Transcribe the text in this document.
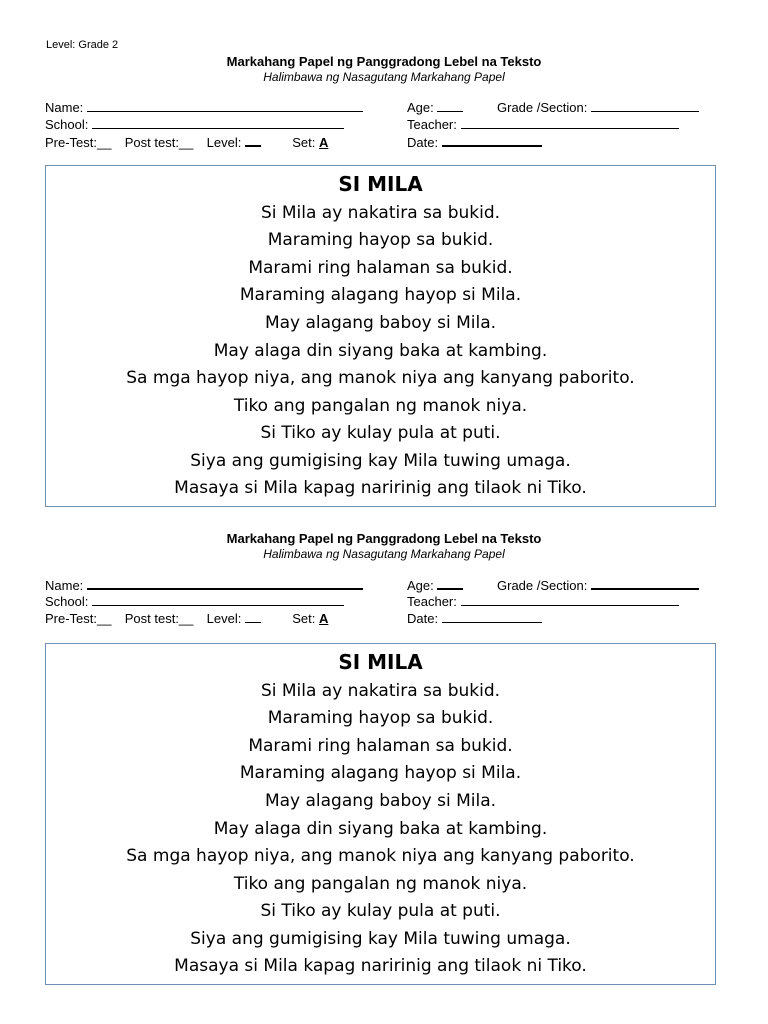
Level: Grade 2
Markahang Papel ng Panggradong Lebel na Teksto
Halimbawa ng Nasagutang Markahang Papel
Name:	Age:	Grade /Section:
School:	Teacher:
Pre-Test:__ Post test:__ Level:	Set: A	Date:
SI MILA
Si Mila ay nakatira sa bukid.
Maraming hayop sa bukid.
Marami ring halaman sa bukid.
Maraming alagang hayop si Mila.
May alagang baboy si Mila.
May alaga din siyang baka at kambing.
Sa mga hayop niya, ang manok niya ang kanyang paborito.
Tiko ang pangalan ng manok niya.
Si Tiko ay kulay pula at puti.
Siya ang gumigising kay Mila tuwing umaga.
Masaya si Mila kapag naririnig ang tilaok ni Tiko.
Markahang Papel ng Panggradong Lebel na Teksto
Halimbawa ng Nasagutang Markahang Papel
Name:	Age:	Grade /Section:
School:	Teacher:
Pre-Test:__ Post test:__ Level:	Set: A	Date:
SI MILA
Si Mila ay nakatira sa bukid.
Maraming hayop sa bukid.
Marami ring halaman sa bukid.
Maraming alagang hayop si Mila.
May alagang baboy si Mila.
May alaga din siyang baka at kambing.
Sa mga hayop niya, ang manok niya ang kanyang paborito.
Tiko ang pangalan ng manok niya.
Si Tiko ay kulay pula at puti.
Siya ang gumigising kay Mila tuwing umaga.
Masaya si Mila kapag naririnig ang tilaok ni Tiko.
